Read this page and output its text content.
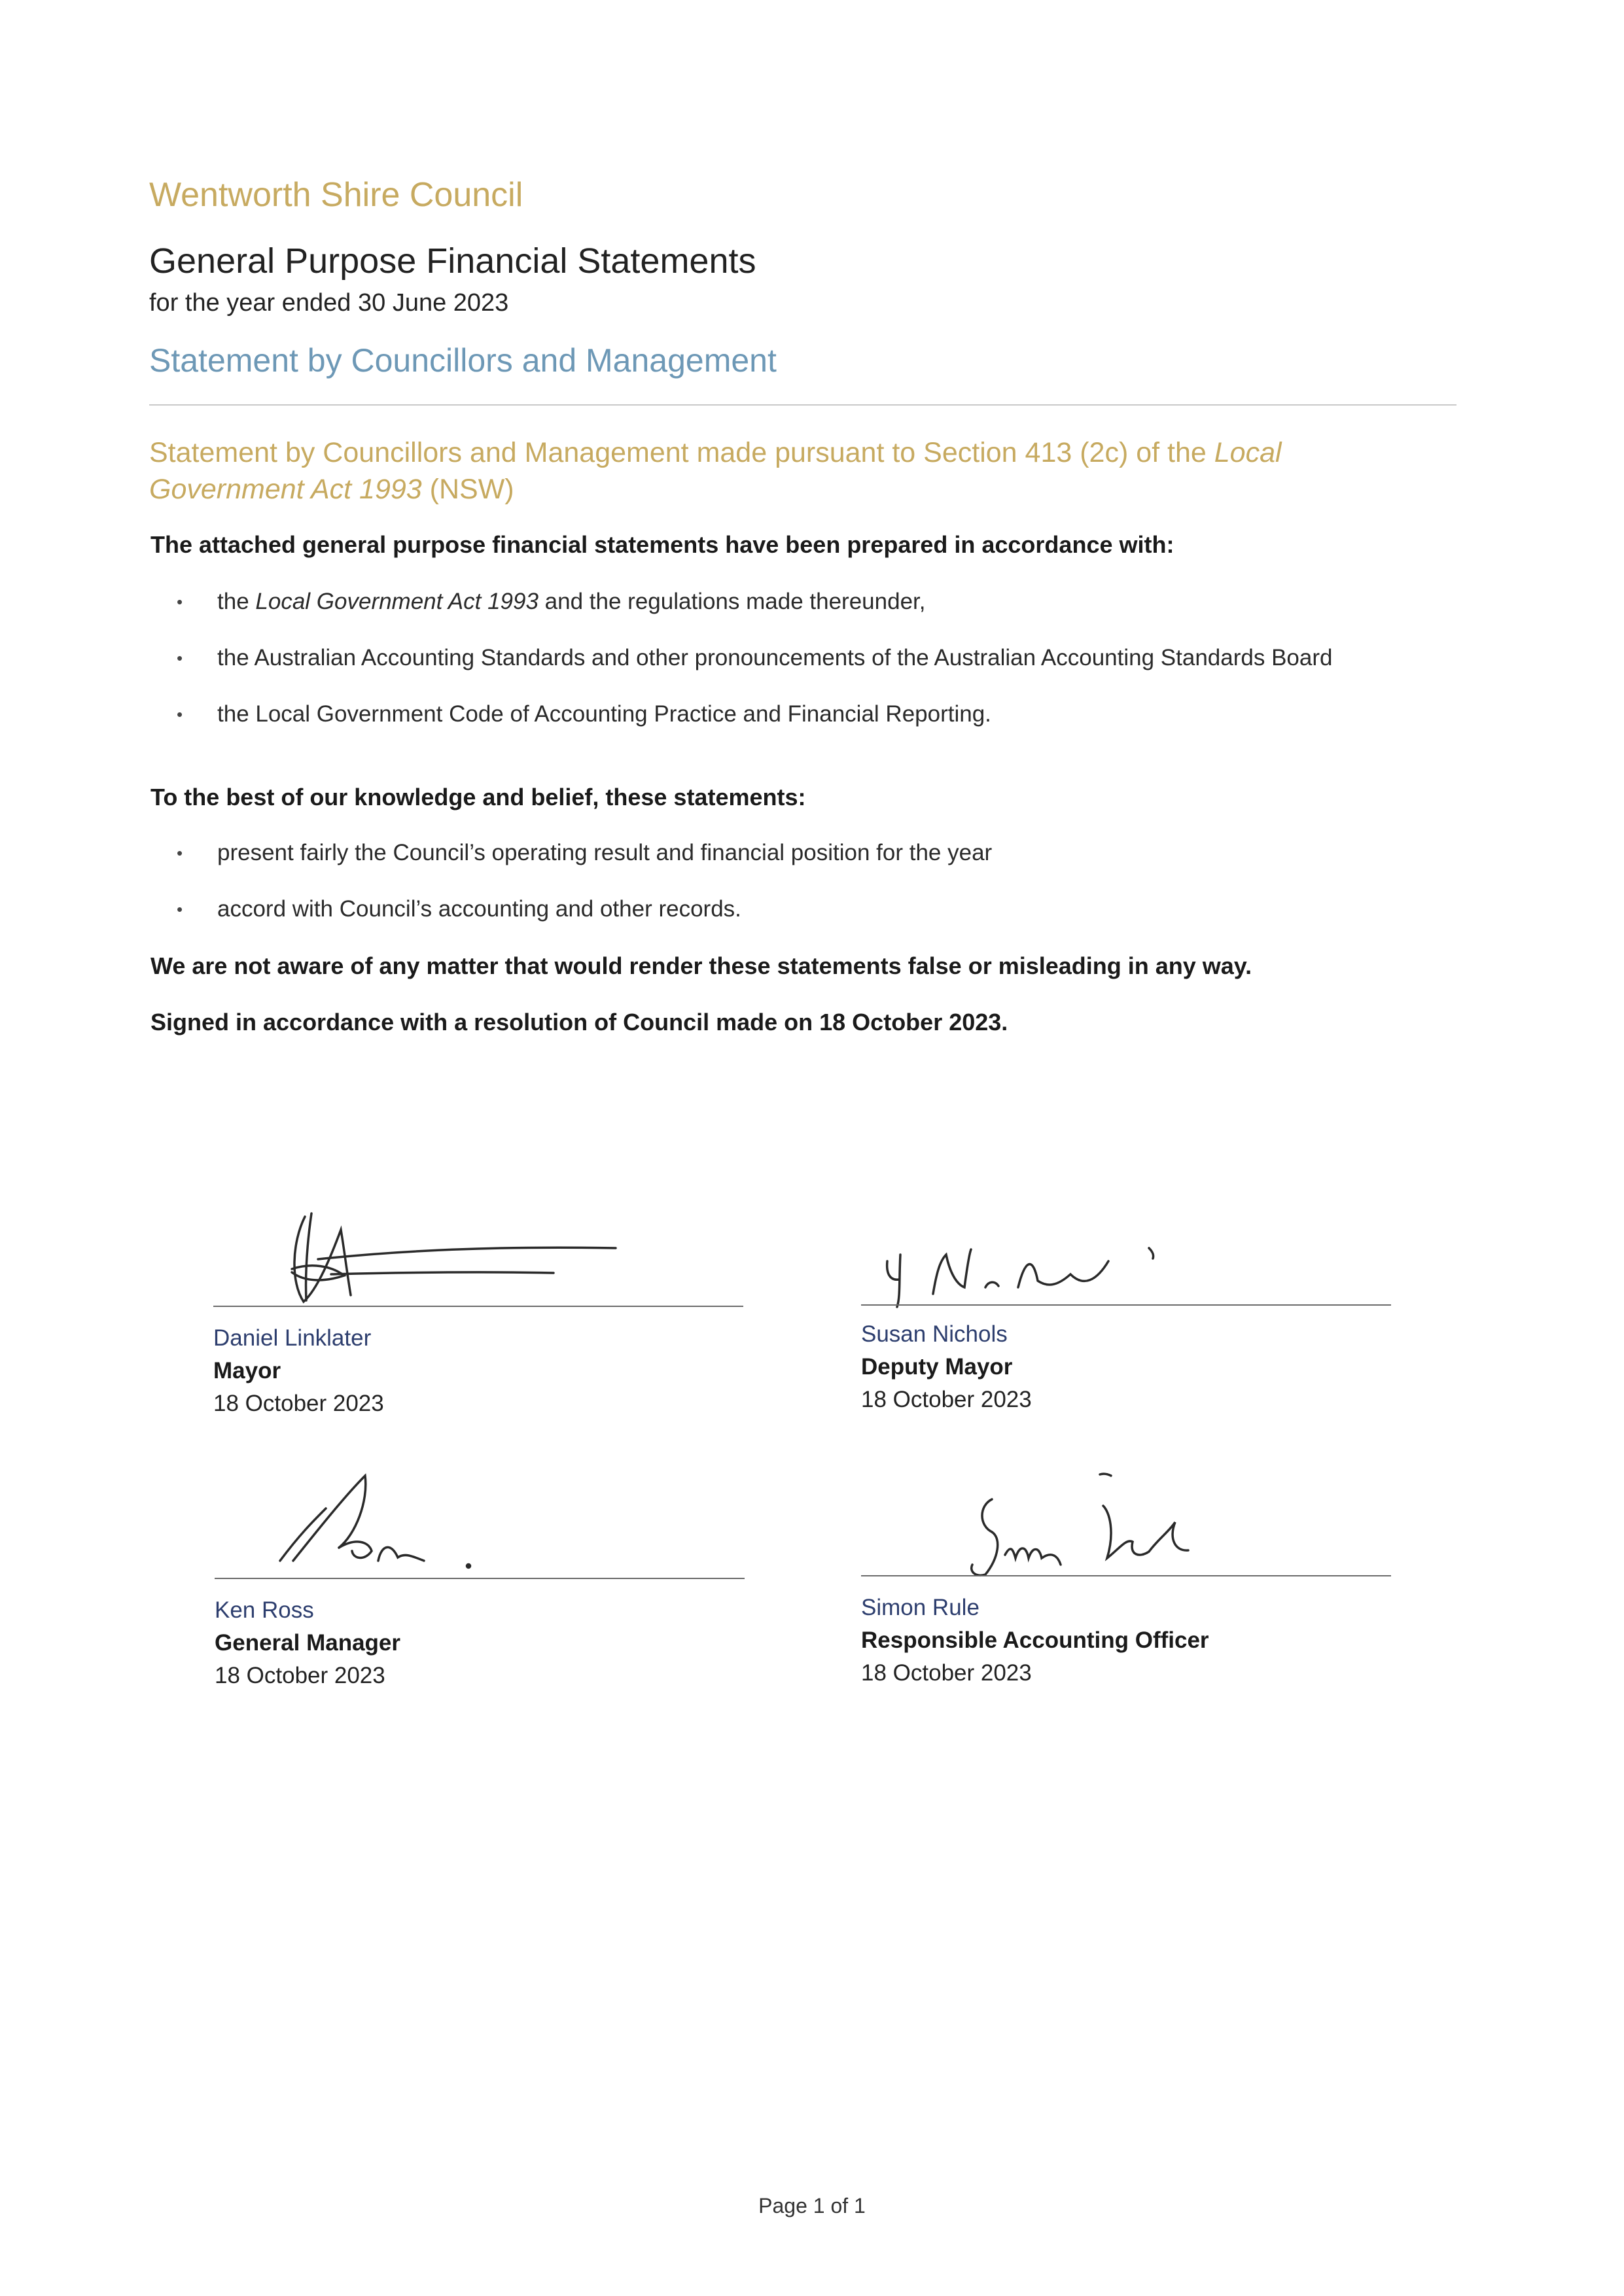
Wentworth Shire Council
General Purpose Financial Statements
for the year ended 30 June 2023
Statement by Councillors and Management
Statement by Councillors and Management made pursuant to Section 413 (2c) of the Local Government Act 1993 (NSW)
The attached general purpose financial statements have been prepared in accordance with:
• the Local Government Act 1993 and the regulations made thereunder,
• the Australian Accounting Standards and other pronouncements of the Australian Accounting Standards Board
• the Local Government Code of Accounting Practice and Financial Reporting.
To the best of our knowledge and belief, these statements:
• present fairly the Council’s operating result and financial position for the year
• accord with Council’s accounting and other records.
We are not aware of any matter that would render these statements false or misleading in any way.
Signed in accordance with a resolution of Council made on 18 October 2023.
Daniel Linklater
Mayor
18 October 2023
Susan Nichols
Deputy Mayor
18 October 2023
Ken Ross
General Manager
18 October 2023
Simon Rule
Responsible Accounting Officer
18 October 2023
Page 1 of 1
